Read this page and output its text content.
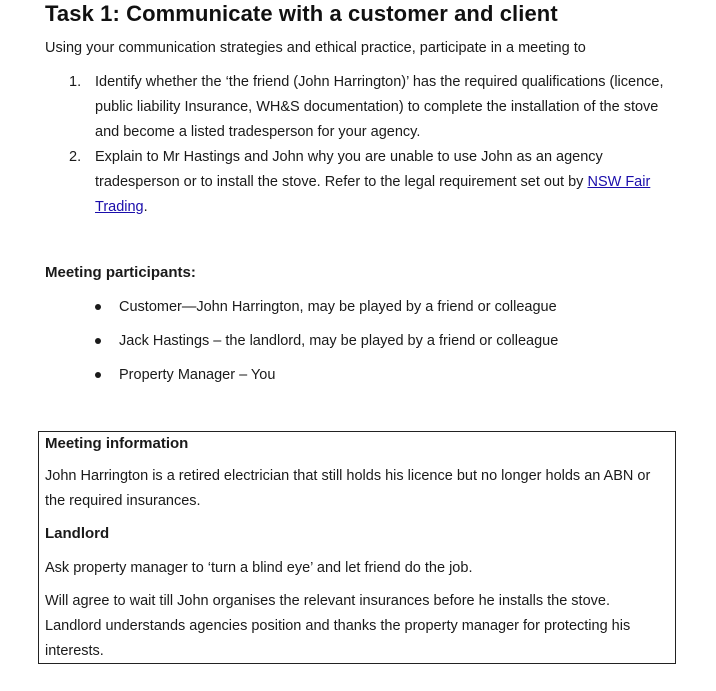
Task 1: Communicate with a customer and client
Using your communication strategies and ethical practice, participate in a meeting to

1. Identify whether the ‘the friend (John Harrington)’ has the required qualifications (licence, public liability Insurance, WH&S documentation) to complete the installation of the stove and become a listed tradesperson for your agency.

2. Explain to Mr Hastings and John why you are unable to use John as an agency tradesperson or to install the stove. Refer to the legal requirement set out by NSW Fair Trading.

Meeting participants:
Customer—John Harrington, may be played by a friend or colleague
Jack Hastings – the landlord, may be played by a friend or colleague
Property Manager – You

Meeting information

John Harrington is a retired electrician that still holds his licence but no longer holds an ABN or the required insurances.

Landlord

Ask property manager to ‘turn a blind eye’ and let friend do the job.

Will agree to wait till John organises the relevant insurances before he installs the stove. Landlord understands agencies position and thanks the property manager for protecting his interests.
